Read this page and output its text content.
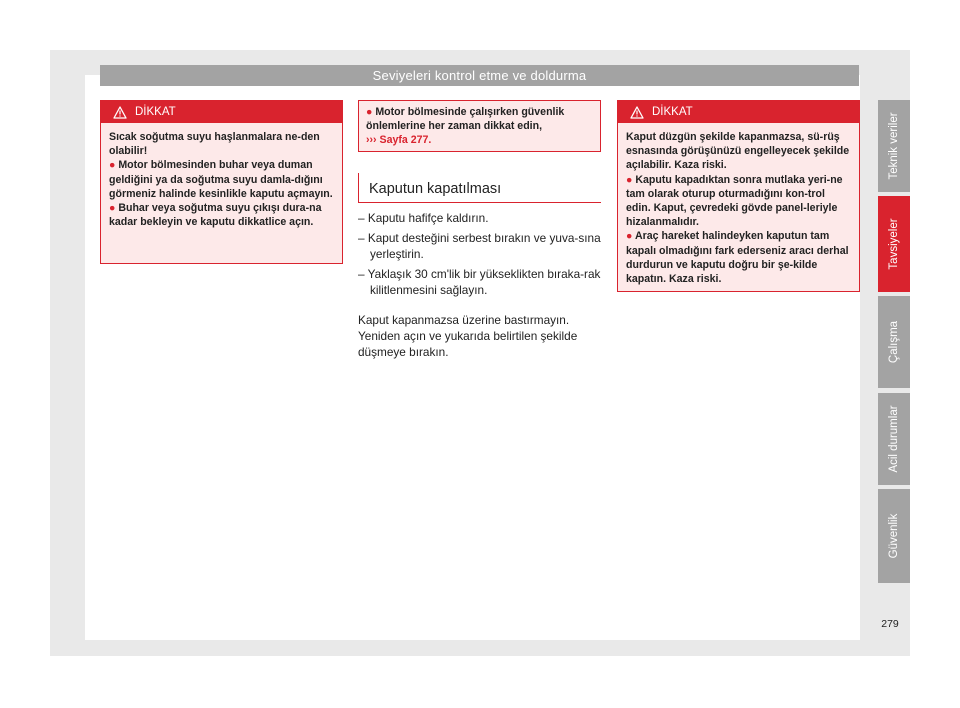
Seviyeleri kontrol etme ve doldurma
DİKKAT

Sıcak soğutma suyu haşlanmalara ne-den olabilir!

● Motor bölmesinden buhar veya duman geldiğini ya da soğutma suyu damla-dığını görmeniz halinde kesinlikle kaputu açmayın.

● Buhar veya soğutma suyu çıkışı dura-na kadar bekleyin ve kaputu dikkatlice açın.

● Motor bölmesinde çalışırken güvenlik önlemlerine her zaman dikkat edin,
››› Sayfa 277.
Kaputun kapatılması
– Kaputu hafifçe kaldırın.
– Kaput desteğini serbest bırakın ve yuva-sına yerleştirin.
– Yaklaşık 30 cm'lik bir yükseklikten bıraka-rak kilitlenmesini sağlayın.

Kaput kapanmazsa üzerine bastırmayın. Yeniden açın ve yukarıda belirtilen şekilde düşmeye bırakın.

DİKKAT

Kaput düzgün şekilde kapanmazsa, sü-rüş esnasında görüşünüzü engelleyecek şekilde açılabilir. Kaza riski.

● Kaputu kapadıktan sonra mutlaka yeri-ne tam olarak oturup oturmadığını kon-trol edin. Kaput, çevredeki gövde panel-leriyle hizalanmalıdır.

● Araç hareket halindeyken kaputun tam kapalı olmadığını fark ederseniz aracı derhal durdurun ve kaputu doğru bir şe-kilde kapatın. Kaza riski.

Teknik veriler
Tavsiyeler
Çalışma
Acil durumlar
Güvenlik
279
